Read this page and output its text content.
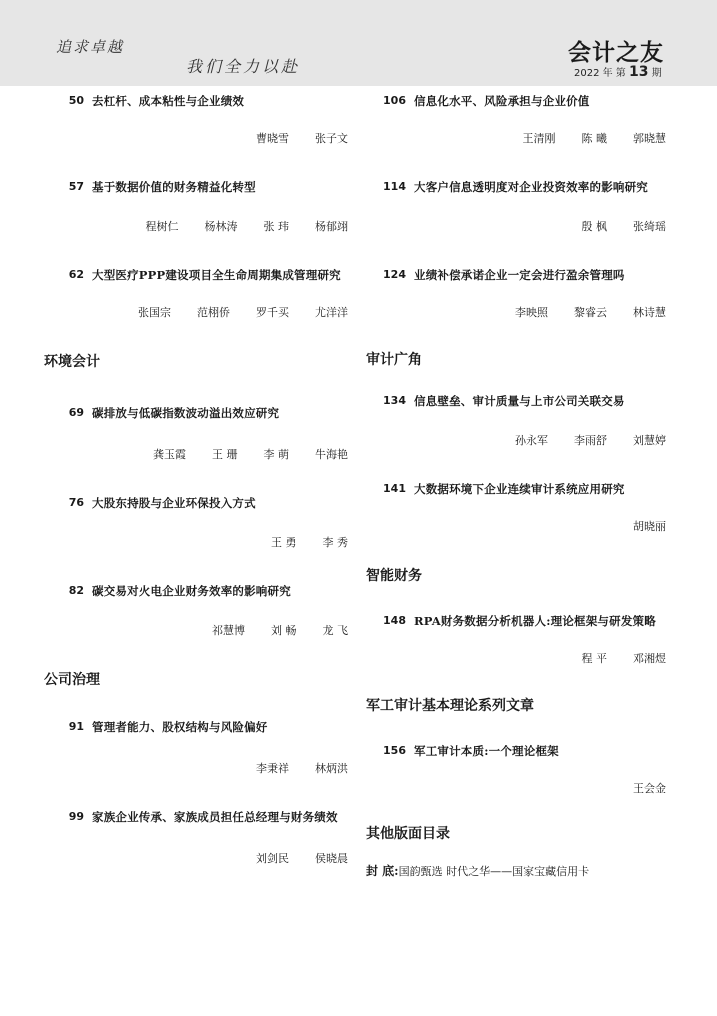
追求卓越
我们全力以赴
会计之友
2022 年 第 13 期
50 去杠杆、成本粘性与企业绩效
曹晓雪 张子文
57 基于数据价值的财务精益化转型
程树仁 杨林涛 张 玮 杨郁翊
62 大型医疗PPP建设项目全生命周期集成管理研究
张国宗 范栩侨 罗千买 尤洋洋
环境会计
69 碳排放与低碳指数波动溢出效应研究
龚玉霞 王 珊 李 萌 牛海艳
76 大股东持股与企业环保投入方式
王 勇 李 秀
82 碳交易对火电企业财务效率的影响研究
祁慧博 刘 畅 龙 飞
公司治理
91 管理者能力、股权结构与风险偏好
李秉祥 林炳洪
99 家族企业传承、家族成员担任总经理与财务绩效
刘剑民 侯晓晨
106 信息化水平、风险承担与企业价值
王清刚 陈 曦 郭晓慧
114 大客户信息透明度对企业投资效率的影响研究
殷 枫 张绮瑶
124 业绩补偿承诺企业一定会进行盈余管理吗
李映照 黎睿云 林诗慧
审计广角
134 信息壁垒、审计质量与上市公司关联交易
孙永军 李雨舒 刘慧婷
141 大数据环境下企业连续审计系统应用研究
胡晓丽
智能财务
148 RPA财务数据分析机器人:理论框架与研发策略
程 平 邓湘煜
军工审计基本理论系列文章
156 军工审计本质:一个理论框架
王会金
其他版面目录
封 底:国韵甄选 时代之华——国家宝藏信用卡
